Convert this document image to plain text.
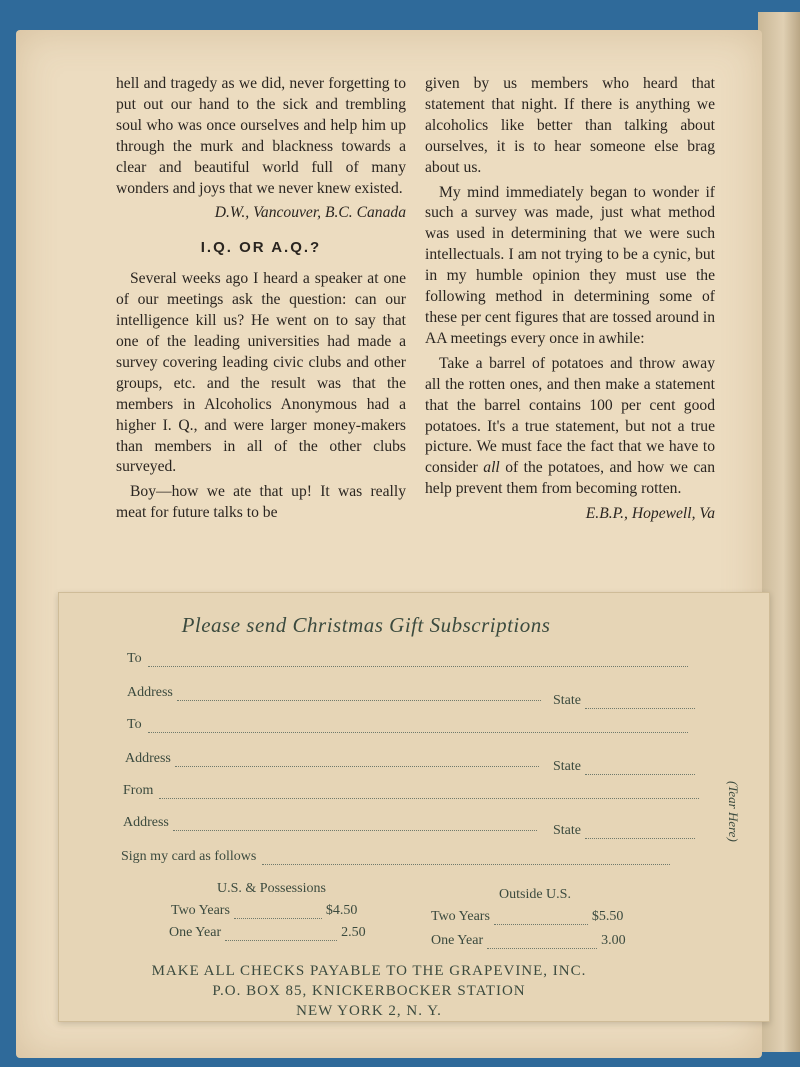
hell and tragedy as we did, never forgetting to put out our hand to the sick and trembling soul who was once ourselves and help him up through the murk and blackness towards a clear and beautiful world full of many wonders and joys that we never knew existed.

D.W., Vancouver, B.C. Canada
I.Q. OR A.Q.?

Several weeks ago I heard a speaker at one of our meetings ask the question: can our intelligence kill us? He went on to say that one of the leading universities had made a survey covering leading civic clubs and other groups, etc. and the result was that the members in Alcoholics Anonymous had a higher I. Q., and were larger money-makers than members in all of the other clubs surveyed.

Boy—how we ate that up! It was really meat for future talks to be

given by us members who heard that statement that night. If there is anything we alcoholics like better than talking about ourselves, it is to hear someone else brag about us.

My mind immediately began to wonder if such a survey was made, just what method was used in determining that we were such intellectuals. I am not trying to be a cynic, but in my humble opinion they must use the following method in determining some of these per cent figures that are tossed around in AA meetings every once in awhile:

Take a barrel of potatoes and throw away all the rotten ones, and then make a statement that the barrel contains 100 per cent good potatoes. It's a true statement, but not a true picture. We must face the fact that we have to consider all of the potatoes, and how we can help prevent them from becoming rotten.

E.B.P., Hopewell, Va
Please send Christmas Gift Subscriptions
To
Address
State
To
Address
State
From
Address
State
Sign my card as follows
U.S. & Possessions
Two Years	$4.50
One Year	2.50
Outside U.S.
Two Years	$5.50
One Year	3.00
MAKE ALL CHECKS PAYABLE TO THE GRAPEVINE, INC.
P.O. BOX 85, KNICKERBOCKER STATION
NEW YORK 2, N. Y.
(Tear Here)
